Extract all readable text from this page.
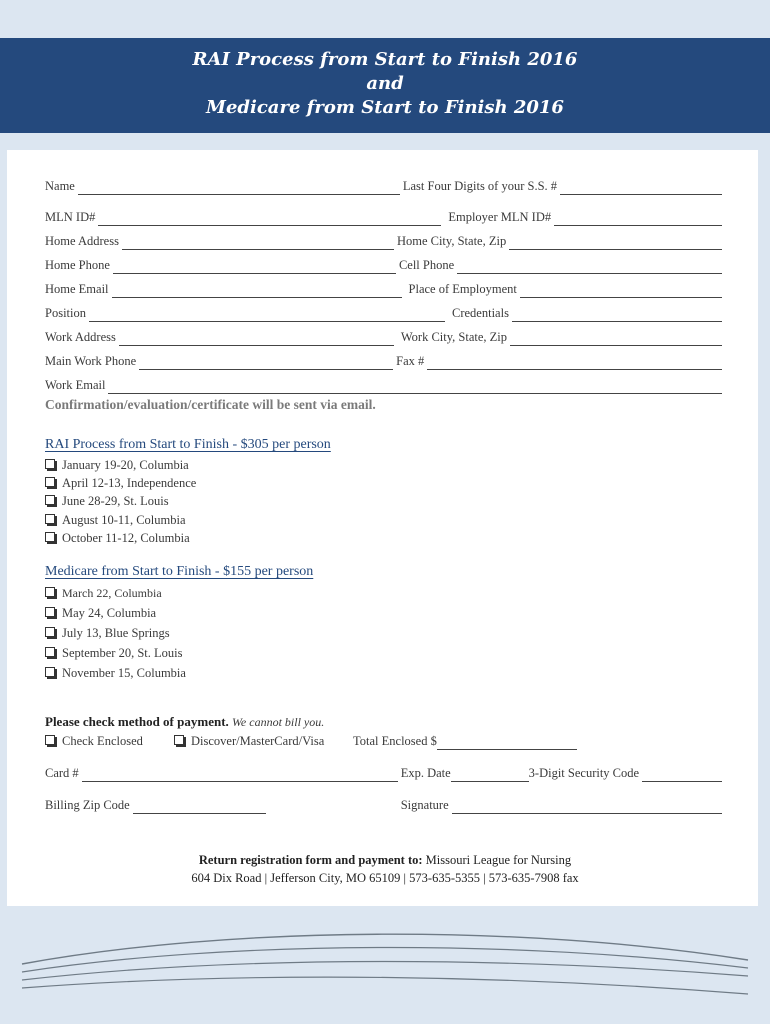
RAI Process from Start to Finish 2016
and
Medicare from Start to Finish 2016
Name	Last Four Digits of your S.S. #
MLN ID#	Employer MLN ID#
Home Address	Home City, State, Zip
Home Phone	Cell Phone
Home Email	Place of Employment
Position	Credentials
Work Address	Work City, State, Zip
Main Work Phone	Fax #
Work Email
Confirmation/evaluation/certificate will be sent via email.
RAI Process from Start to Finish - $305 per person
January 19-20, Columbia
April 12-13, Independence
June 28-29, St. Louis
August 10-11, Columbia
October 11-12, Columbia
Medicare from Start to Finish - $155 per person
March 22, Columbia
May 24, Columbia
July 13, Blue Springs
September 20, St. Louis
November 15, Columbia
Please check method of payment. We cannot bill you.
Check Enclosed	Discover/MasterCard/Visa Total Enclosed $
Card #	Exp. Date	3-Digit Security Code
Billing Zip Code	Signature
Return registration form and payment to: Missouri League for Nursing
604 Dix Road | Jefferson City, MO 65109 | 573-635-5355 | 573-635-7908 fax
